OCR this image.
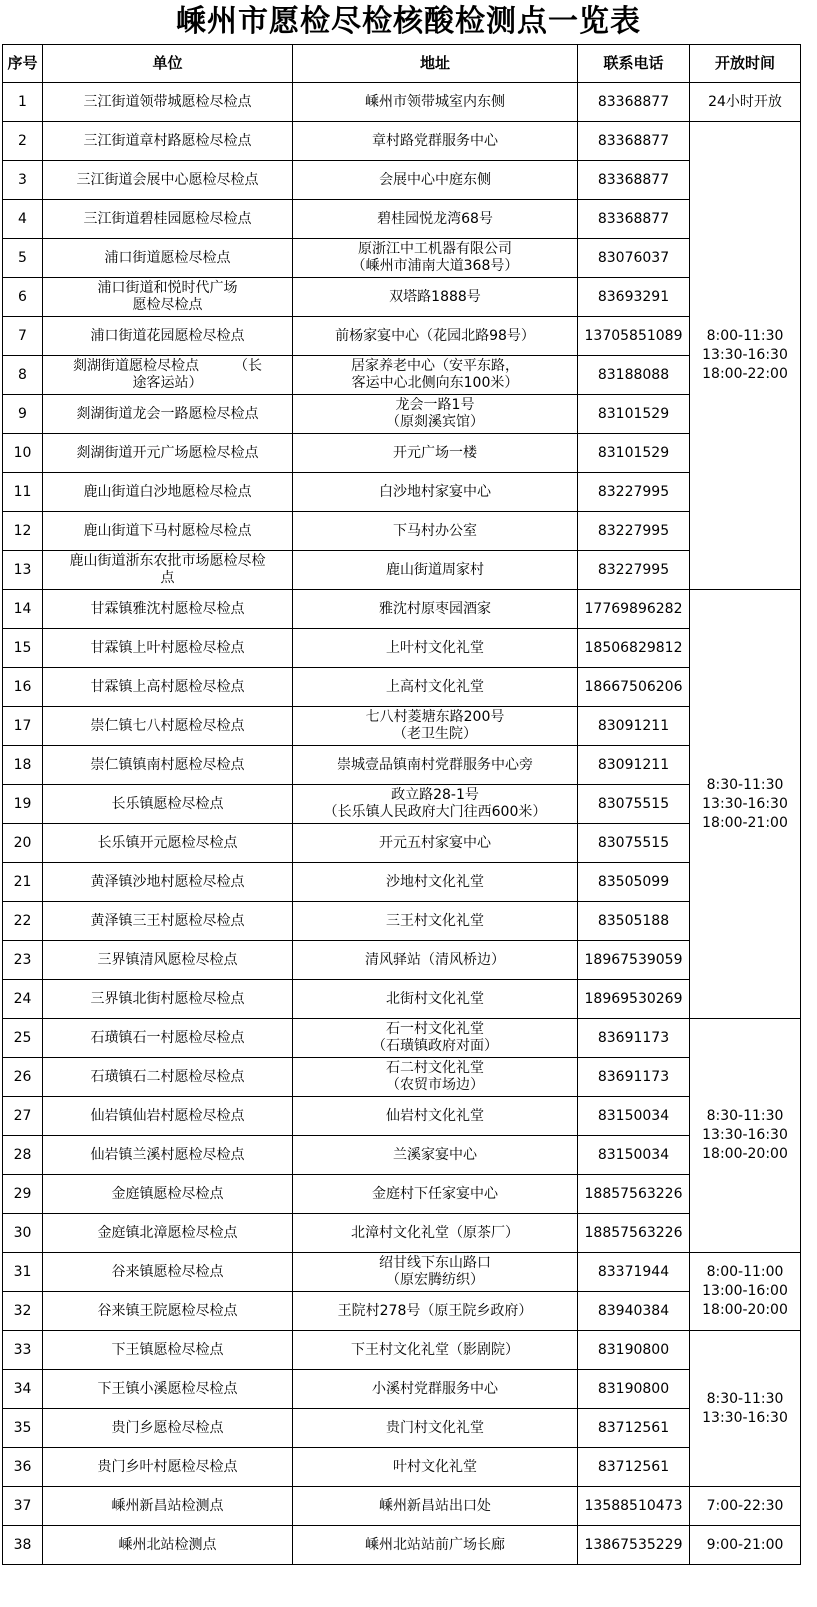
嵊州市愿检尽检核酸检测点一览表
序号	单位	地址	联系电话	开放时间
1	三江街道领带城愿检尽检点	嵊州市领带城室内东侧	83368877	24小时开放

2	三江街道章村路愿检尽检点	章村路党群服务中心	83368877	8:00-11:30
13:30-16:30
18:00-22:00

3	三江街道会展中心愿检尽检点	会展中心中庭东侧	83368877	
4	三江街道碧桂园愿检尽检点	碧桂园悦龙湾68号	83368877	
5	浦口街道愿检尽检点	原浙江中工机器有限公司
（嵊州市浦南大道368号）	83076037	
6	浦口街道和悦时代广场
愿检尽检点	双塔路1888号	83693291	
7	浦口街道花园愿检尽检点	前杨家宴中心（花园北路98号）	13705851089	
8	剡湖街道愿检尽检点　　　（长
途客运站）	居家养老中心（安平东路，
客运中心北侧向东100米）	83188088	
9	剡湖街道龙会一路愿检尽检点	龙会一路1号
（原剡溪宾馆）	83101529	
10	剡湖街道开元广场愿检尽检点	开元广场一楼	83101529	
11	鹿山街道白沙地愿检尽检点	白沙地村家宴中心	83227995	
12	鹿山街道下马村愿检尽检点	下马村办公室	83227995	
13	鹿山街道浙东农批市场愿检尽检
点	鹿山街道周家村	83227995	
14	甘霖镇雅沈村愿检尽检点	雅沈村原枣园酒家	17769896282	8:30-11:30
13:30-16:30
18:00-21:00

15	甘霖镇上叶村愿检尽检点	上叶村文化礼堂	18506829812	
16	甘霖镇上高村愿检尽检点	上高村文化礼堂	18667506206	
17	崇仁镇七八村愿检尽检点	七八村菱塘东路200号
（老卫生院）	83091211	
18	崇仁镇镇南村愿检尽检点	崇城壹品镇南村党群服务中心旁	83091211	
19	长乐镇愿检尽检点	政立路28-1号
（长乐镇人民政府大门往西600米）	83075515	
20	长乐镇开元愿检尽检点	开元五村家宴中心	83075515	
21	黄泽镇沙地村愿检尽检点	沙地村文化礼堂	83505099	
22	黄泽镇三王村愿检尽检点	三王村文化礼堂	83505188	
23	三界镇清风愿检尽检点	清风驿站（清风桥边）	18967539059	
24	三界镇北街村愿检尽检点	北街村文化礼堂	18969530269	
25	石璜镇石一村愿检尽检点	石一村文化礼堂
（石璜镇政府对面）	83691173	8:30-11:30
13:30-16:30
18:00-20:00

26	石璜镇石二村愿检尽检点	石二村文化礼堂
（农贸市场边）	83691173	
27	仙岩镇仙岩村愿检尽检点	仙岩村文化礼堂	83150034	
28	仙岩镇兰溪村愿检尽检点	兰溪家宴中心	83150034	
29	金庭镇愿检尽检点	金庭村下任家宴中心	18857563226	
30	金庭镇北漳愿检尽检点	北漳村文化礼堂（原茶厂）	18857563226	
31	谷来镇愿检尽检点	绍甘线下东山路口
（原宏腾纺织）	83371944	8:00-11:00
13:00-16:00
18:00-20:00

32	谷来镇王院愿检尽检点	王院村278号（原王院乡政府）	83940384	
33	下王镇愿检尽检点	下王村文化礼堂（影剧院）	83190800	8:30-11:30
13:30-16:30

34	下王镇小溪愿检尽检点	小溪村党群服务中心	83190800	
35	贵门乡愿检尽检点	贵门村文化礼堂	83712561	
36	贵门乡叶村愿检尽检点	叶村文化礼堂	83712561	
37	嵊州新昌站检测点	嵊州新昌站出口处	13588510473	7:00-22:30

38	嵊州北站检测点	嵊州北站站前广场长廊	13867535229	9:00-21:00
